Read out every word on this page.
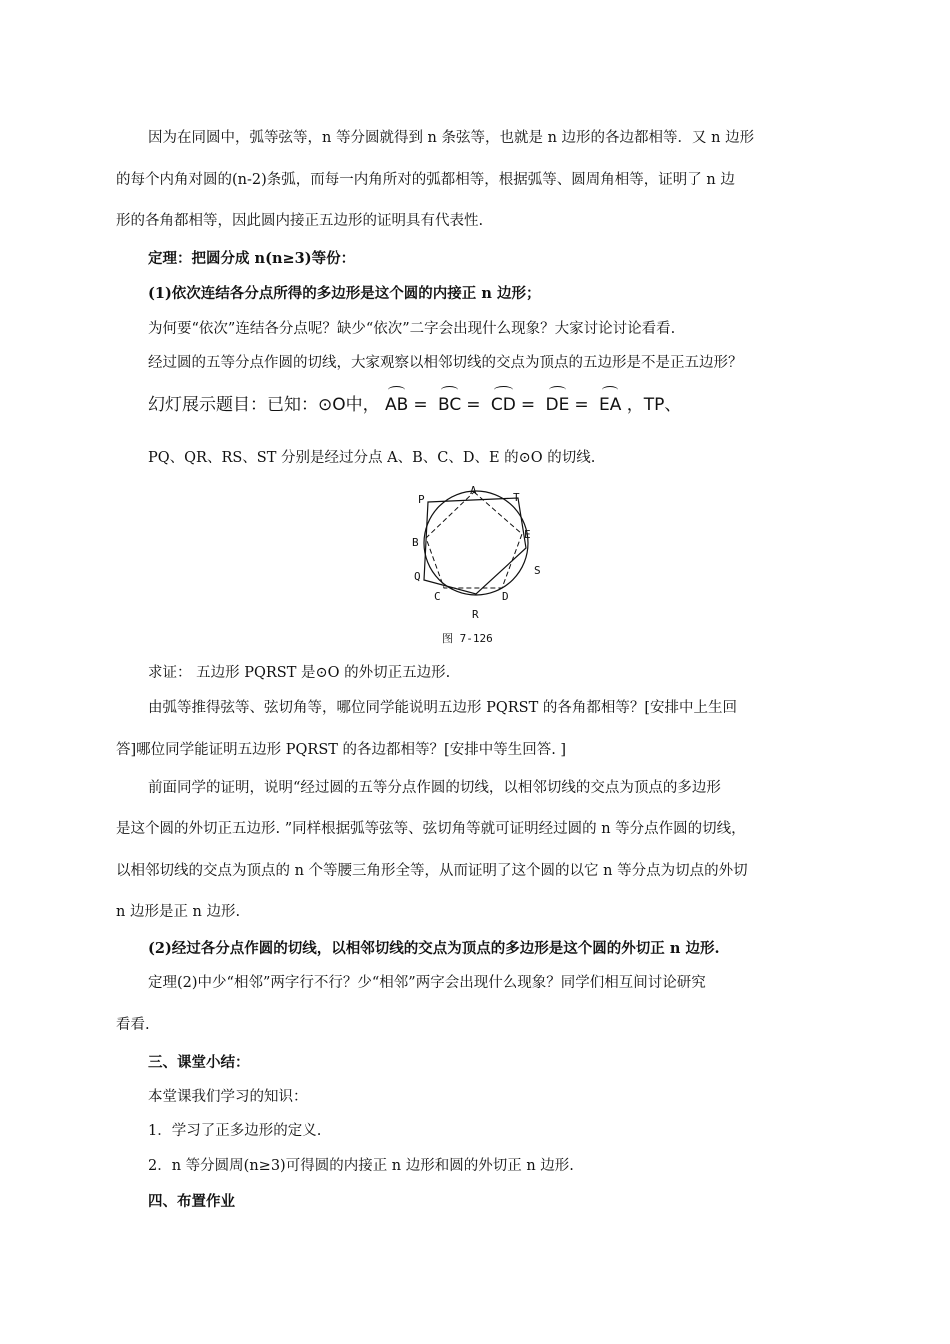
因为在同圆中，弧等弦等，n 等分圆就得到 n 条弦等，也就是 n 边形的各边都相等．又 n 边形
的每个内角对圆的(n-2)条弧，而每一内角所对的弧都相等，根据弧等、圆周角相等，证明了 n 边
形的各角都相等，因此圆内接正五边形的证明具有代表性.
定理：把圆分成 n(n≥3)等份：
(1)依次连结各分点所得的多边形是这个圆的内接正 n 边形；
为何要“依次”连结各分点呢？缺少“依次”二字会出现什么现象？大家讨论讨论看看.
经过圆的五等分点作圆的切线，大家观察以相邻切线的交点为顶点的五边形是不是正五边形？
幻灯展示题目：已知：⊙O中， AB = BC = CD = DE = EA ，TP、
PQ、QR、RS、ST 分别是经过分点 A、B、C、D、E 的⊙O 的切线.
P
A
T
E
S
D
R
C
Q
B
图 7-126
求证： 五边形 PQRST 是⊙O 的外切正五边形.
由弧等推得弦等、弦切角等，哪位同学能说明五边形 PQRST 的各角都相等？[安排中上生回
答]哪位同学能证明五边形 PQRST 的各边都相等？[安排中等生回答. ]
前面同学的证明，说明“经过圆的五等分点作圆的切线，以相邻切线的交点为顶点的多边形
是这个圆的外切正五边形. ”同样根据弧等弦等、弦切角等就可证明经过圆的 n 等分点作圆的切线，
以相邻切线的交点为顶点的 n 个等腰三角形全等，从而证明了这个圆的以它 n 等分点为切点的外切
n 边形是正 n 边形.
(2)经过各分点作圆的切线，以相邻切线的交点为顶点的多边形是这个圆的外切正 n 边形.
定理(2)中少“相邻”两字行不行？少“相邻”两字会出现什么现象？同学们相互间讨论研究
看看.
三、课堂小结：
本堂课我们学习的知识：
1．学习了正多边形的定义.
2．n 等分圆周(n≥3)可得圆的内接正 n 边形和圆的外切正 n 边形.
四、布置作业
